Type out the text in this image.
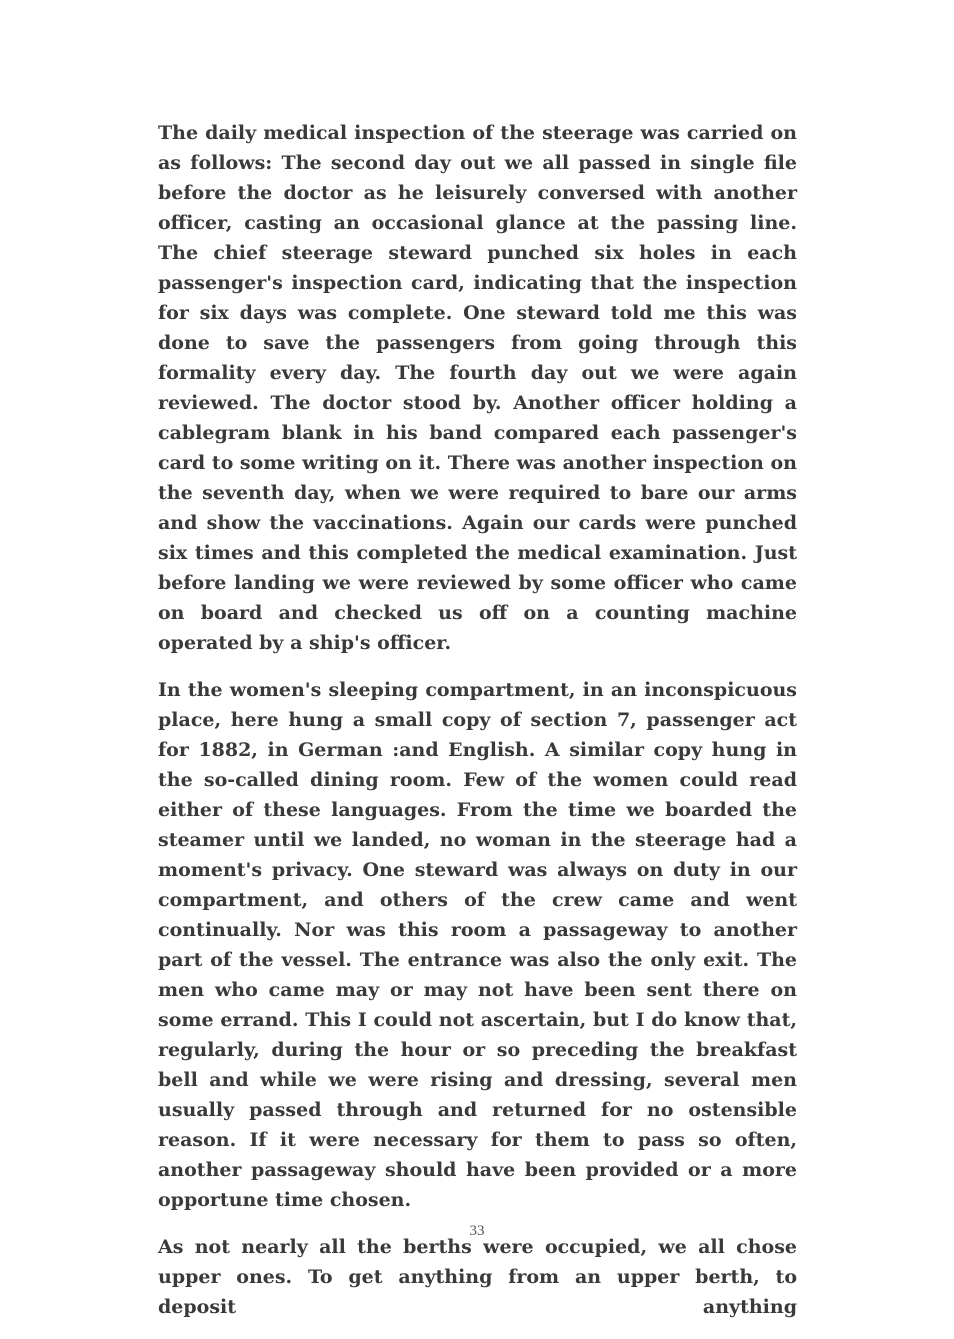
The daily medical inspection of the steerage was carried on as follows: The second day out we all passed in single file before the doctor as he leisurely conversed with another officer, casting an occasional glance at the passing line. The chief steerage steward punched six holes in each passenger's inspection card, indicating that the inspection for six days was complete. One steward told me this was done to save the passengers from going through this formality every day. The fourth day out we were again reviewed. The doctor stood by. Another officer holding a cablegram blank in his band compared each passenger's card to some writing on it. There was another inspection on the seventh day, when we were required to bare our arms and show the vaccinations. Again our cards were punched six times and this completed the medical examination. Just before landing we were reviewed by some officer who came on board and checked us off on a counting machine operated by a ship's officer.

In the women's sleeping compartment, in an inconspicuous place, here hung a small copy of section 7, passenger act for 1882, in German :and English. A similar copy hung in the so-called dining room. Few of the women could read either of these languages. From the time we boarded the steamer until we landed, no woman in the steerage had a moment's privacy. One steward was always on duty in our compartment, and others of the crew came and went continually. Nor was this room a passageway to another part of the vessel. The entrance was also the only exit. The men who came may or may not have been sent there on some errand. This I could not ascertain, but I do know that, regularly, during the hour or so preceding the breakfast bell and while we were rising and dressing, several men usually passed through and returned for no ostensible reason. If it were necessary for them to pass so often, another passageway should have been provided or a more opportune time chosen.

As not nearly all the berths were occupied, we all chose upper ones. To get anything from an upper berth, to deposit anything

33
